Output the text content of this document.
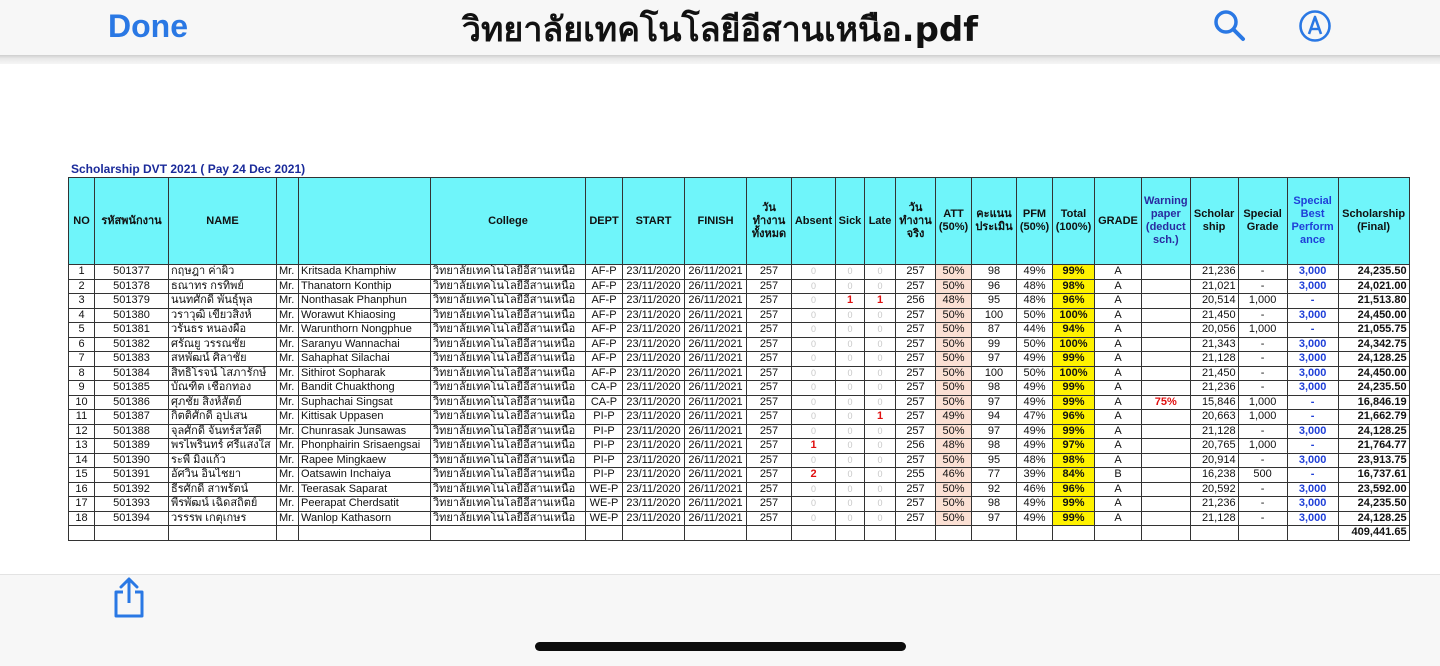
Done	วิทยาลัยเทคโนโลยีอีสานเหนือ.pdf
Scholarship DVT 2021 ( Pay 24 Dec 2021)
NO	รหัสพนักงาน	NAME			College	DEPT	START	FINISH	วัน ทำงาน ทั้งหมด	Absent	Sick	Late	วัน ทำงาน จริง	ATT (50%)	คะแนน ประเมิน	PFM (50%)	Total (100%)	GRADE	Warning paper (deduct sch.)	Scholar ship	Special Grade	Special Best Perform ance	Scholarship (Final)
1	501377	กฤษฎา ค่าผิว	Mr.	Kritsada Khamphiw	วิทยาลัยเทคโนโลยีอีสานเหนือ	AF-P	23/11/2020	26/11/2021	257	0	0	0	257	50%	98	49%	99%	A		21,236	-	3,000	24,235.50
2	501378	ธณาทร กรทิพย์	Mr.	Thanatorn Konthip	วิทยาลัยเทคโนโลยีอีสานเหนือ	AF-P	23/11/2020	26/11/2021	257	0	0	0	257	50%	96	48%	98%	A		21,021	-	3,000	24,021.00
3	501379	นนทศักดิ์ พันธุ์พุล	Mr.	Nonthasak Phanphun	วิทยาลัยเทคโนโลยีอีสานเหนือ	AF-P	23/11/2020	26/11/2021	257	0	1	1	256	48%	95	48%	96%	A		20,514	1,000	-	21,513.80
4	501380	วราวุฒิ เขียวสิงห์	Mr.	Worawut Khiaosing	วิทยาลัยเทคโนโลยีอีสานเหนือ	AF-P	23/11/2020	26/11/2021	257	0	0	0	257	50%	100	50%	100%	A		21,450	-	3,000	24,450.00
5	501381	วรันธร หนองผือ	Mr.	Warunthorn Nongphue	วิทยาลัยเทคโนโลยีอีสานเหนือ	AF-P	23/11/2020	26/11/2021	257	0	0	0	257	50%	87	44%	94%	A		20,056	1,000	-	21,055.75
6	501382	ศรัณยู วรรณชัย	Mr.	Saranyu Wannachai	วิทยาลัยเทคโนโลยีอีสานเหนือ	AF-P	23/11/2020	26/11/2021	257	0	0	0	257	50%	99	50%	100%	A		21,343	-	3,000	24,342.75
7	501383	สหพัฒน์ ศิลาชัย	Mr.	Sahaphat Silachai	วิทยาลัยเทคโนโลยีอีสานเหนือ	AF-P	23/11/2020	26/11/2021	257	0	0	0	257	50%	97	49%	99%	A		21,128	-	3,000	24,128.25
8	501384	สิทธิโรจน์ โสภารักษ์	Mr.	Sithirot Sopharak	วิทยาลัยเทคโนโลยีอีสานเหนือ	AF-P	23/11/2020	26/11/2021	257	0	0	0	257	50%	100	50%	100%	A		21,450	-	3,000	24,450.00
9	501385	บัณฑิต เชือกทอง	Mr.	Bandit Chuakthong	วิทยาลัยเทคโนโลยีอีสานเหนือ	CA-P	23/11/2020	26/11/2021	257	0	0	0	257	50%	98	49%	99%	A		21,236	-	3,000	24,235.50
10	501386	ศุภชัย สิงห์สัตย์	Mr.	Suphachai Singsat	วิทยาลัยเทคโนโลยีอีสานเหนือ	CA-P	23/11/2020	26/11/2021	257	0	0	0	257	50%	97	49%	99%	A	75%	15,846	1,000	-	16,846.19
11	501387	กิตติศักดิ์ อุปเสน	Mr.	Kittisak Uppasen	วิทยาลัยเทคโนโลยีอีสานเหนือ	PI-P	23/11/2020	26/11/2021	257	0	0	1	257	49%	94	47%	96%	A		20,663	1,000	-	21,662.79
12	501388	จุลศักดิ์ จันทร์สวัสดิ์	Mr.	Chunrasak Junsawas	วิทยาลัยเทคโนโลยีอีสานเหนือ	PI-P	23/11/2020	26/11/2021	257	0	0	0	257	50%	97	49%	99%	A		21,128	-	3,000	24,128.25
13	501389	พรไพรินทร์ ศรีแสงใส	Mr.	Phonphairin Srisaengsai	วิทยาลัยเทคโนโลยีอีสานเหนือ	PI-P	23/11/2020	26/11/2021	257	1	0	0	256	48%	98	49%	97%	A		20,765	1,000	-	21,764.77
14	501390	ระพี มิ่งแก้ว	Mr.	Rapee Mingkaew	วิทยาลัยเทคโนโลยีอีสานเหนือ	PI-P	23/11/2020	26/11/2021	257	0	0	0	257	50%	95	48%	98%	A		20,914	-	3,000	23,913.75
15	501391	อัศวิน อินไชยา	Mr.	Oatsawin Inchaiya	วิทยาลัยเทคโนโลยีอีสานเหนือ	PI-P	23/11/2020	26/11/2021	257	2	0	0	255	46%	77	39%	84%	B		16,238	500	-	16,737.61
16	501392	ธีรศักดิ์ สาพรัตน์	Mr.	Teerasak Saparat	วิทยาลัยเทคโนโลยีอีสานเหนือ	WE-P	23/11/2020	26/11/2021	257	0	0	0	257	50%	92	46%	96%	A		20,592	-	3,000	23,592.00
17	501393	พีรพัฒน์ เฉิดสถิตย์	Mr.	Peerapat Cherdsatit	วิทยาลัยเทคโนโลยีอีสานเหนือ	WE-P	23/11/2020	26/11/2021	257	0	0	0	257	50%	98	49%	99%	A		21,236	-	3,000	24,235.50
18	501394	วรรรพ เกตุเกษร	Mr.	Wanlop Kathasorn	วิทยาลัยเทคโนโลยีอีสานเหนือ	WE-P	23/11/2020	26/11/2021	257	0	0	0	257	50%	97	49%	99%	A		21,128	-	3,000	24,128.25
																							409,441.65
